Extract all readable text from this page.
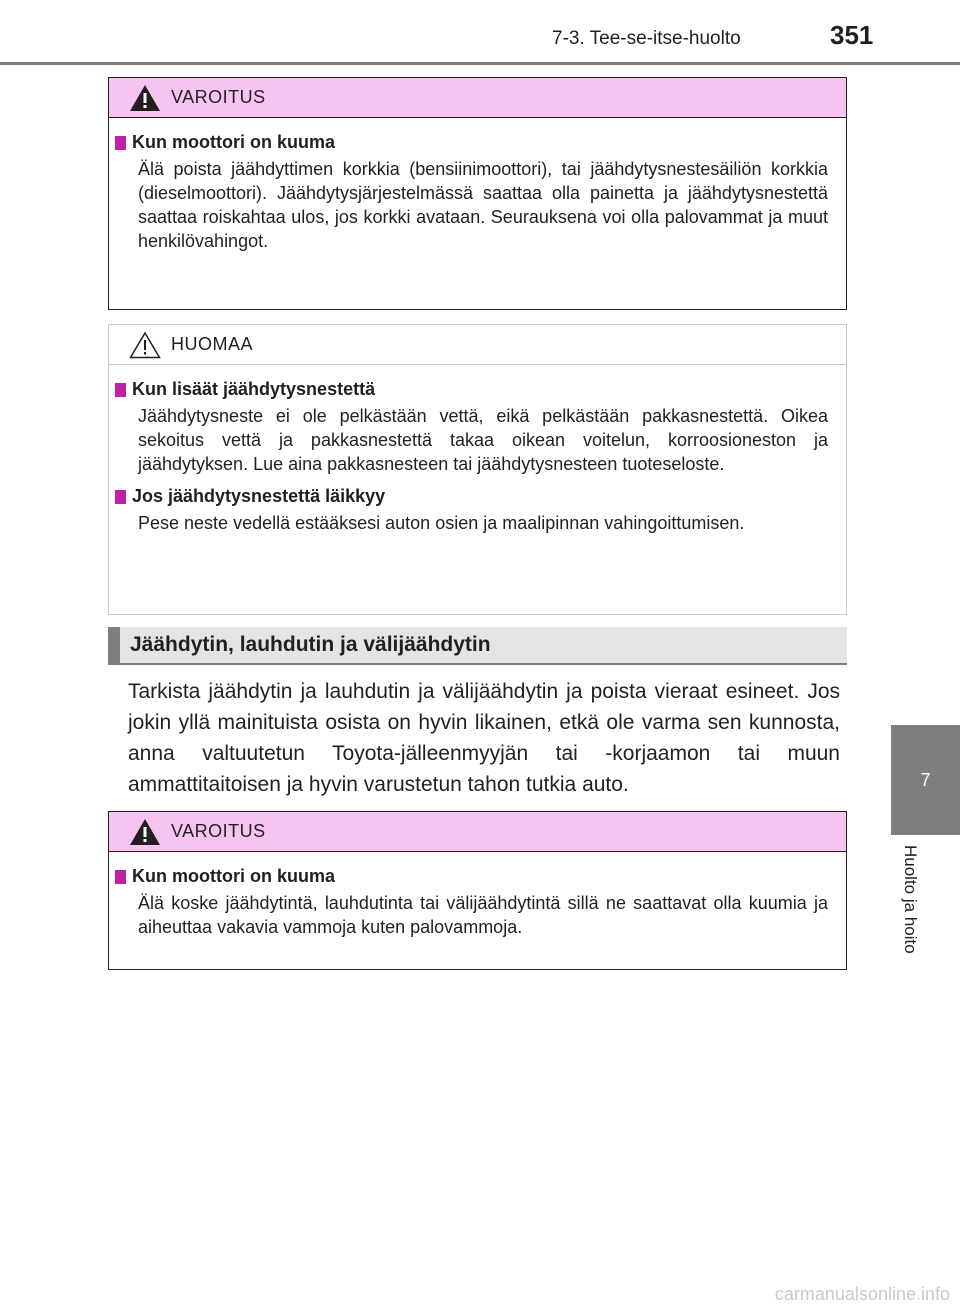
7-3. Tee-se-itse-huolto	351
7
Huolto ja hoito
VAROITUS
Kun moottori on kuuma

Älä poista jäähdyttimen korkkia (bensiinimoottori), tai jäähdytysnestesäiliön korkkia (dieselmoottori). Jäähdytysjärjestelmässä saattaa olla painetta ja jäähdytysnestettä saattaa roiskahtaa ulos, jos korkki avataan. Seurauksena voi olla palovammat ja muut henkilövahingot.

HUOMAA
Kun lisäät jäähdytysnestettä

Jäähdytysneste ei ole pelkästään vettä, eikä pelkästään pakkasnestettä. Oikea sekoitus vettä ja pakkasnestettä takaa oikean voitelun, korroosioneston ja jäähdytyksen. Lue aina pakkasnesteen tai jäähdytysnesteen tuoteseloste.

Jos jäähdytysnestettä läikkyy

Pese neste vedellä estääksesi auton osien ja maalipinnan vahingoittumisen.

Jäähdytin, lauhdutin ja välijäähdytin

Tarkista jäähdytin ja lauhdutin ja välijäähdytin ja poista vieraat esineet. Jos jokin yllä mainituista osista on hyvin likainen, etkä ole varma sen kunnosta, anna valtuutetun Toyota-jälleenmyyjän tai -korjaamon tai muun ammattitaitoisen ja hyvin varustetun tahon tutkia auto.

VAROITUS
Kun moottori on kuuma

Älä koske jäähdytintä, lauhdutinta tai välijäähdytintä sillä ne saattavat olla kuumia ja aiheuttaa vakavia vammoja kuten palovammoja.

carmanualsonline.info
